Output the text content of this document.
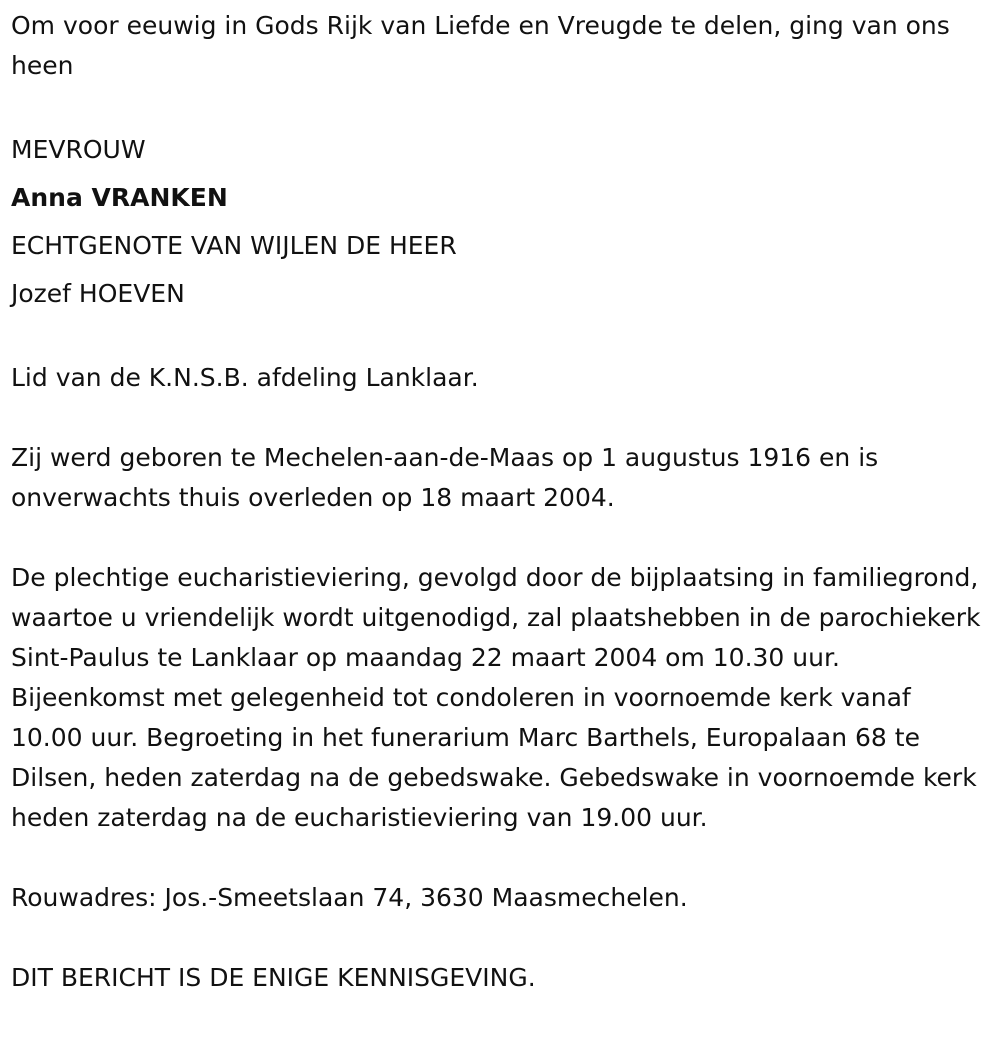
Om voor eeuwig in Gods Rijk van Liefde en Vreugde te delen, ging van ons heen

MEVROUW
Anna VRANKEN
ECHTGENOTE VAN WIJLEN DE HEER
Jozef HOEVEN

Lid van de K.N.S.B. afdeling Lanklaar.

Zij werd geboren te Mechelen-aan-de-Maas op 1 augustus 1916 en is onverwachts thuis overleden op 18 maart 2004.

De plechtige eucharistieviering, gevolgd door de bijplaatsing in familiegrond, waartoe u vriendelijk wordt uitgenodigd, zal plaatshebben in de parochiekerk Sint-Paulus te Lanklaar op maandag 22 maart 2004 om 10.30 uur. Bijeenkomst met gelegenheid tot condoleren in voornoemde kerk vanaf 10.00 uur. Begroeting in het funerarium Marc Barthels, Europalaan 68 te Dilsen, heden zaterdag na de gebedswake. Gebedswake in voornoemde kerk heden zaterdag na de eucharistieviering van 19.00 uur.

Rouwadres: Jos.-Smeetslaan 74, 3630 Maasmechelen.

DIT BERICHT IS DE ENIGE KENNISGEVING.
